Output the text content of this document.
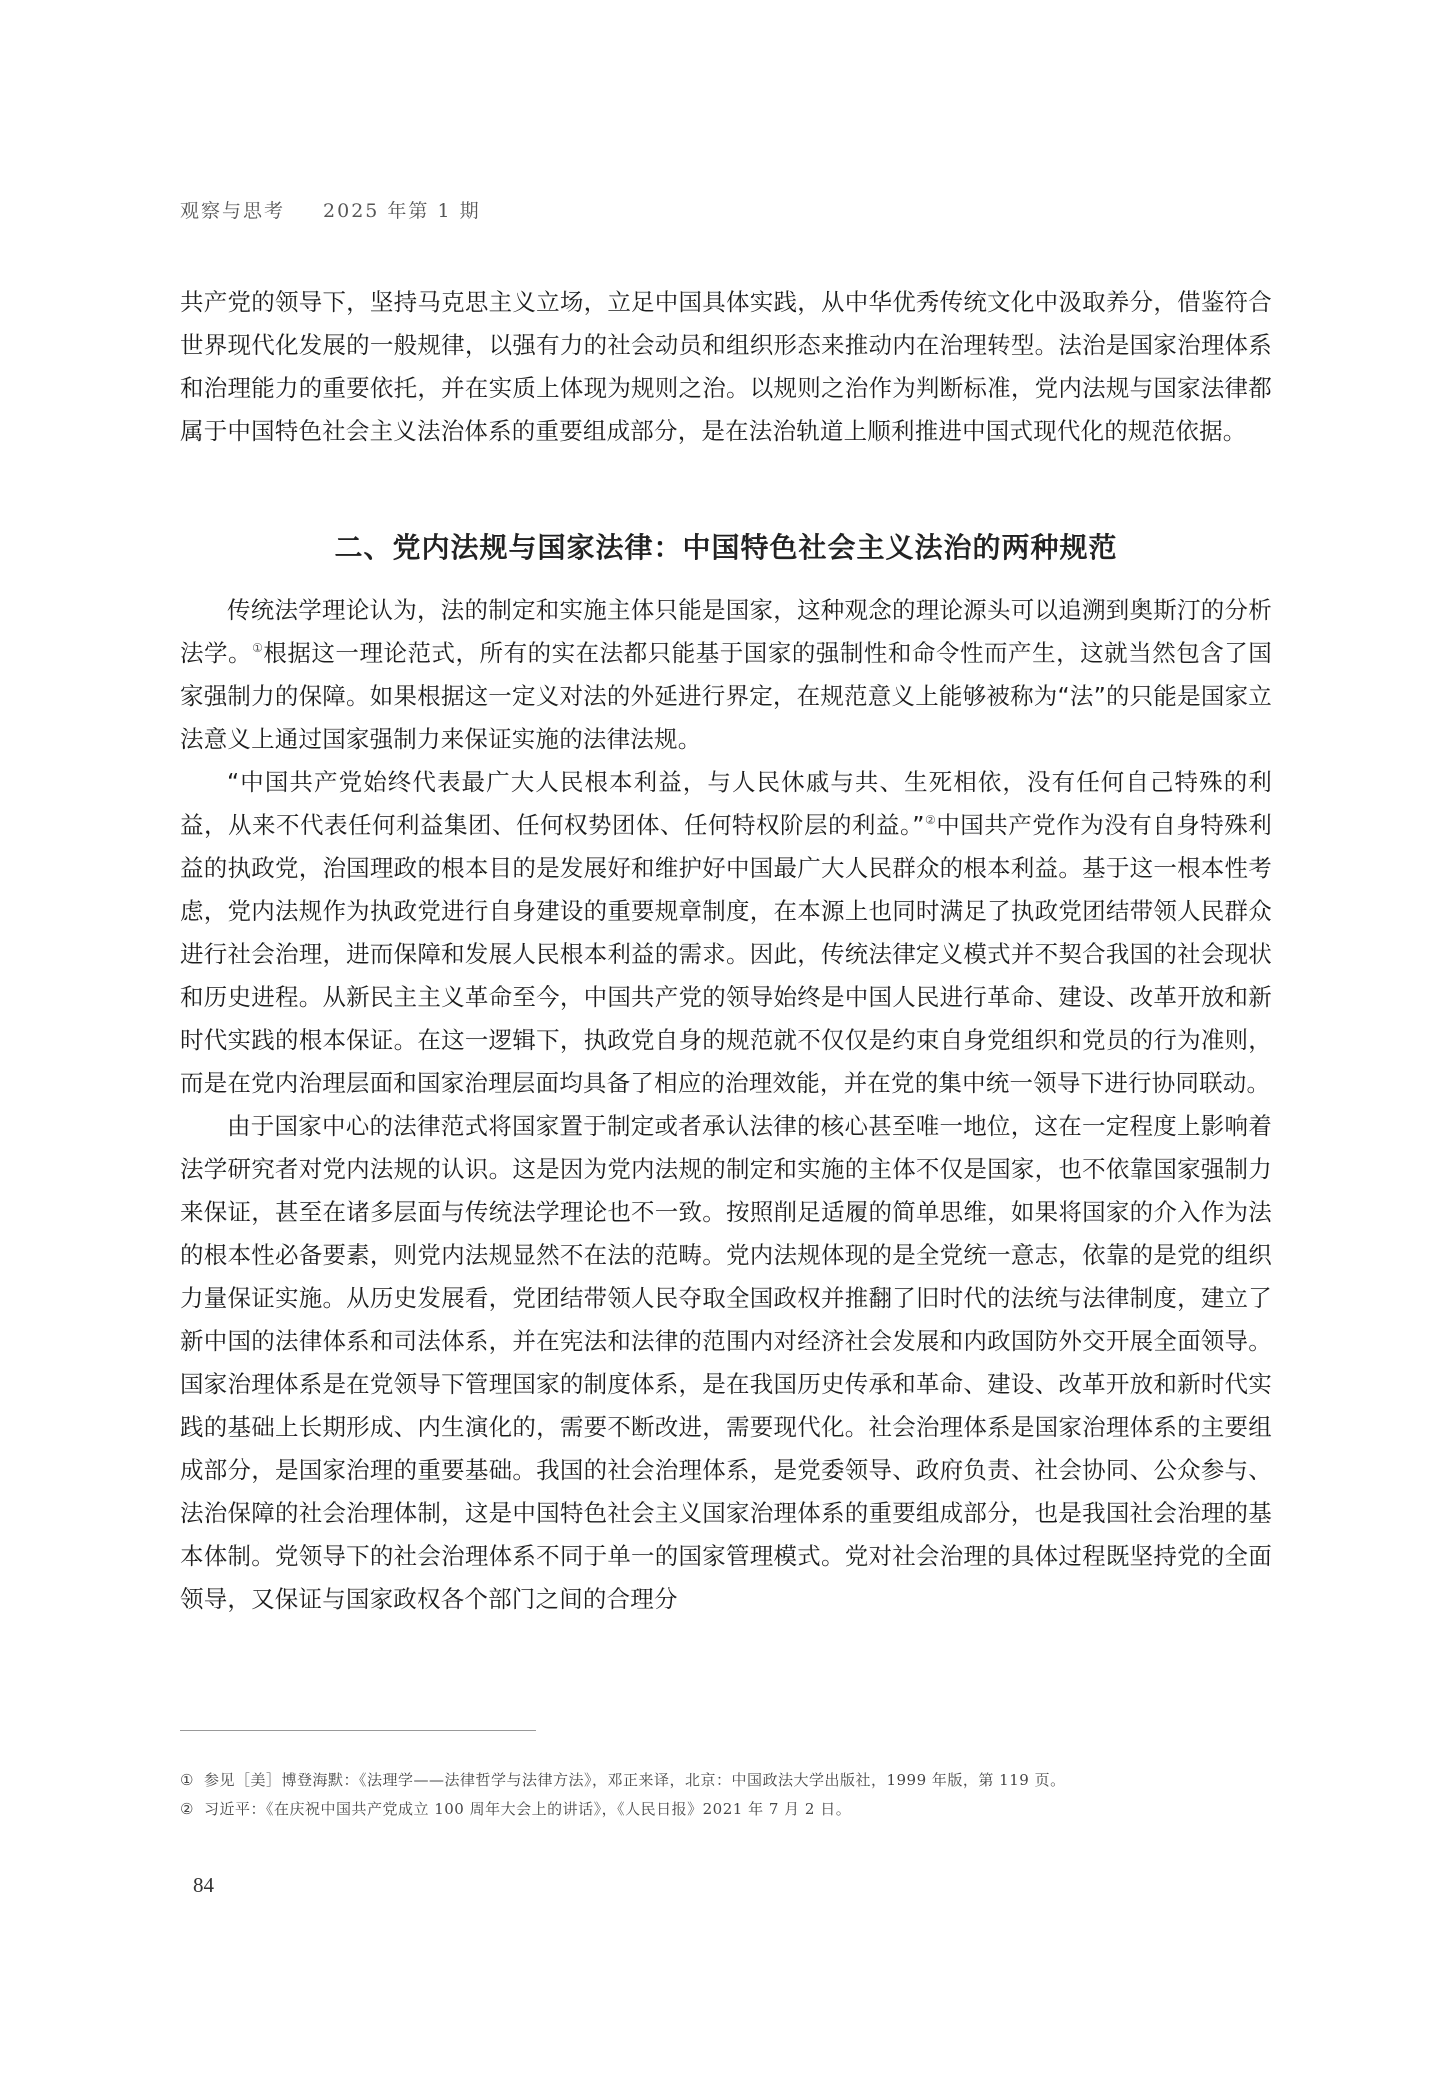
观察与思考 2025 年第 1 期

共产党的领导下，坚持马克思主义立场，立足中国具体实践，从中华优秀传统文化中汲取养分，借鉴符合世界现代化发展的一般规律，以强有力的社会动员和组织形态来推动内在治理转型。法治是国家治理体系和治理能力的重要依托，并在实质上体现为规则之治。以规则之治作为判断标准，党内法规与国家法律都属于中国特色社会主义法治体系的重要组成部分，是在法治轨道上顺利推进中国式现代化的规范依据。

二、党内法规与国家法律：中国特色社会主义法治的两种规范

传统法学理论认为，法的制定和实施主体只能是国家，这种观念的理论源头可以追溯到奥斯汀的分析法学。①根据这一理论范式，所有的实在法都只能基于国家的强制性和命令性而产生，这就当然包含了国家强制力的保障。如果根据这一定义对法的外延进行界定，在规范意义上能够被称为“法”的只能是国家立法意义上通过国家强制力来保证实施的法律法规。

“中国共产党始终代表最广大人民根本利益，与人民休戚与共、生死相依，没有任何自己特殊的利益，从来不代表任何利益集团、任何权势团体、任何特权阶层的利益。”②中国共产党作为没有自身特殊利益的执政党，治国理政的根本目的是发展好和维护好中国最广大人民群众的根本利益。基于这一根本性考虑，党内法规作为执政党进行自身建设的重要规章制度，在本源上也同时满足了执政党团结带领人民群众进行社会治理，进而保障和发展人民根本利益的需求。因此，传统法律定义模式并不契合我国的社会现状和历史进程。从新民主主义革命至今，中国共产党的领导始终是中国人民进行革命、建设、改革开放和新时代实践的根本保证。在这一逻辑下，执政党自身的规范就不仅仅是约束自身党组织和党员的行为准则，而是在党内治理层面和国家治理层面均具备了相应的治理效能，并在党的集中统一领导下进行协同联动。

由于国家中心的法律范式将国家置于制定或者承认法律的核心甚至唯一地位，这在一定程度上影响着法学研究者对党内法规的认识。这是因为党内法规的制定和实施的主体不仅是国家，也不依靠国家强制力来保证，甚至在诸多层面与传统法学理论也不一致。按照削足适履的简单思维，如果将国家的介入作为法的根本性必备要素，则党内法规显然不在法的范畴。党内法规体现的是全党统一意志，依靠的是党的组织力量保证实施。从历史发展看，党团结带领人民夺取全国政权并推翻了旧时代的法统与法律制度，建立了新中国的法律体系和司法体系，并在宪法和法律的范围内对经济社会发展和内政国防外交开展全面领导。国家治理体系是在党领导下管理国家的制度体系，是在我国历史传承和革命、建设、改革开放和新时代实践的基础上长期形成、内生演化的，需要不断改进，需要现代化。社会治理体系是国家治理体系的主要组成部分，是国家治理的重要基础。我国的社会治理体系，是党委领导、政府负责、社会协同、公众参与、法治保障的社会治理体制，这是中国特色社会主义国家治理体系的重要组成部分，也是我国社会治理的基本体制。党领导下的社会治理体系不同于单一的国家管理模式。党对社会治理的具体过程既坚持党的全面领导，又保证与国家政权各个部门之间的合理分

① 参见［美］博登海默：《法理学——法律哲学与法律方法》，邓正来译，北京：中国政法大学出版社，1999 年版，第 119 页。
② 习近平：《在庆祝中国共产党成立 100 周年大会上的讲话》，《人民日报》2021 年 7 月 2 日。
84
